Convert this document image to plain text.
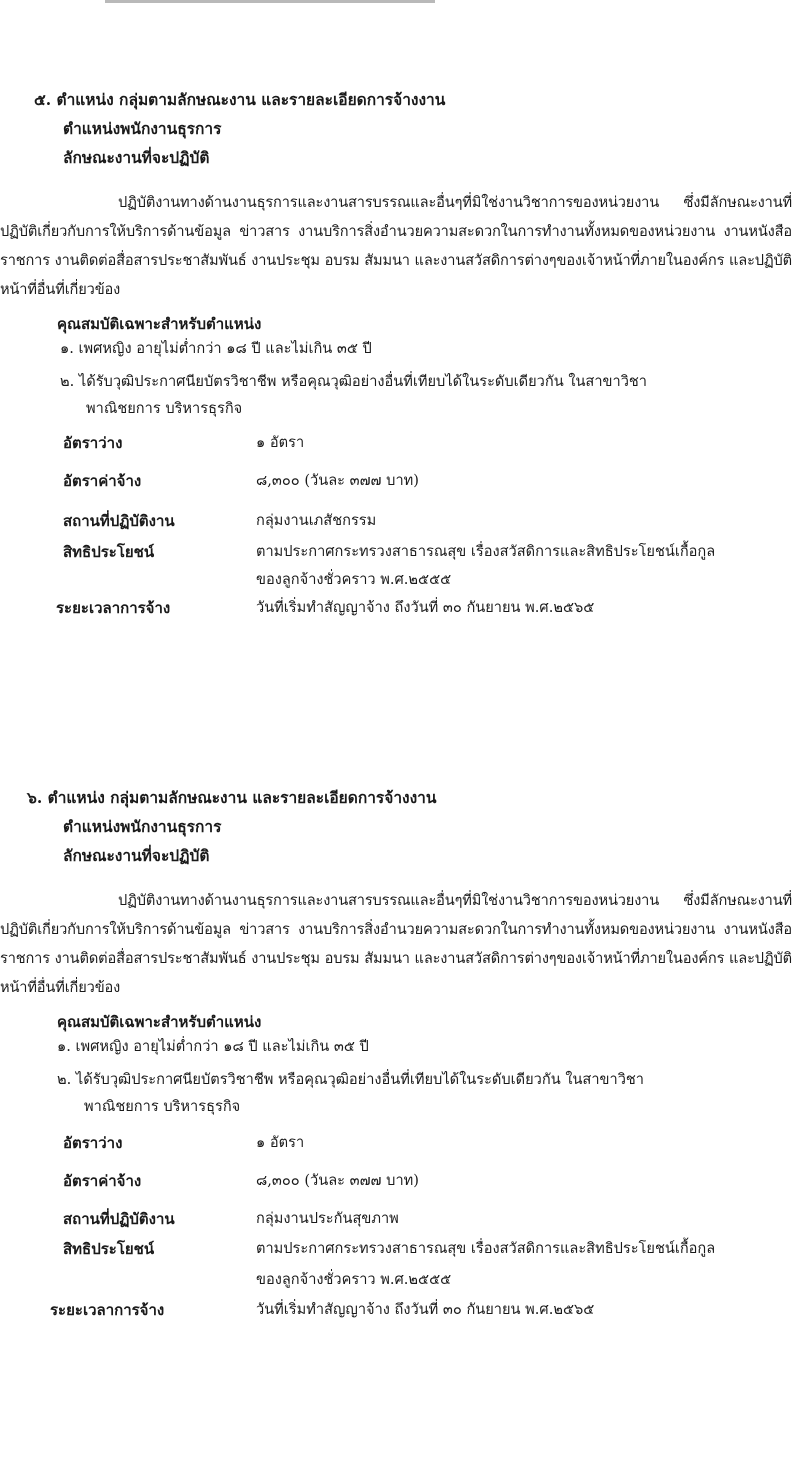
๕. ตำแหน่ง กลุ่มตามลักษณะงาน และรายละเอียดการจ้างงาน
ตำแหน่งพนักงานธุรการ
ลักษณะงานที่จะปฏิบัติ

ปฏิบัติงานทางด้านงานธุรการและงานสารบรรณและอื่นๆที่มิใช่งานวิชาการของหน่วยงาน ซึ่งมีลักษณะงานที่ปฏิบัติเกี่ยวกับการให้บริการด้านข้อมูล ข่าวสาร งานบริการสิ่งอำนวยความสะดวกในการทำงานทั้งหมดของหน่วยงาน งานหนังสือราชการ งานติดต่อสื่อสารประชาสัมพันธ์ งานประชุม อบรม สัมมนา และงานสวัสดิการต่างๆของเจ้าหน้าที่ภายในองค์กร และปฏิบัติหน้าที่อื่นที่เกี่ยวข้อง

คุณสมบัติเฉพาะสำหรับตำแหน่ง
๑. เพศหญิง อายุไม่ต่ำกว่า ๑๘ ปี และไม่เกิน ๓๕ ปี
๒. ได้รับวุฒิประกาศนียบัตรวิชาชีพ หรือคุณวุฒิอย่างอื่นที่เทียบได้ในระดับเดียวกัน ในสาขาวิชา
พาณิชยการ บริหารธุรกิจ
อัตราว่าง	๑ อัตรา
อัตราค่าจ้าง	๘,๓๐๐ (วันละ ๓๗๗ บาท)
สถานที่ปฏิบัติงาน	กลุ่มงานเภสัชกรรม
สิทธิประโยชน์	ตามประกาศกระทรวงสาธารณสุข เรื่องสวัสดิการและสิทธิประโยชน์เกื้อกูล
ของลูกจ้างชั่วคราว พ.ศ.๒๕๕๕
ระยะเวลาการจ้าง	วันที่เริ่มทำสัญญาจ้าง ถึงวันที่ ๓๐ กันยายน พ.ศ.๒๕๖๕
๖. ตำแหน่ง กลุ่มตามลักษณะงาน และรายละเอียดการจ้างงาน
ตำแหน่งพนักงานธุรการ
ลักษณะงานที่จะปฏิบัติ

ปฏิบัติงานทางด้านงานธุรการและงานสารบรรณและอื่นๆที่มิใช่งานวิชาการของหน่วยงาน ซึ่งมีลักษณะงานที่ปฏิบัติเกี่ยวกับการให้บริการด้านข้อมูล ข่าวสาร งานบริการสิ่งอำนวยความสะดวกในการทำงานทั้งหมดของหน่วยงาน งานหนังสือราชการ งานติดต่อสื่อสารประชาสัมพันธ์ งานประชุม อบรม สัมมนา และงานสวัสดิการต่างๆของเจ้าหน้าที่ภายในองค์กร และปฏิบัติหน้าที่อื่นที่เกี่ยวข้อง

คุณสมบัติเฉพาะสำหรับตำแหน่ง
๑. เพศหญิง อายุไม่ต่ำกว่า ๑๘ ปี และไม่เกิน ๓๕ ปี
๒. ได้รับวุฒิประกาศนียบัตรวิชาชีพ หรือคุณวุฒิอย่างอื่นที่เทียบได้ในระดับเดียวกัน ในสาขาวิชา
พาณิชยการ บริหารธุรกิจ
อัตราว่าง	๑ อัตรา
อัตราค่าจ้าง	๘,๓๐๐ (วันละ ๓๗๗ บาท)
สถานที่ปฏิบัติงาน	กลุ่มงานประกันสุขภาพ
สิทธิประโยชน์	ตามประกาศกระทรวงสาธารณสุข เรื่องสวัสดิการและสิทธิประโยชน์เกื้อกูล
ของลูกจ้างชั่วคราว พ.ศ.๒๕๕๕
ระยะเวลาการจ้าง	วันที่เริ่มทำสัญญาจ้าง ถึงวันที่ ๓๐ กันยายน พ.ศ.๒๕๖๕
